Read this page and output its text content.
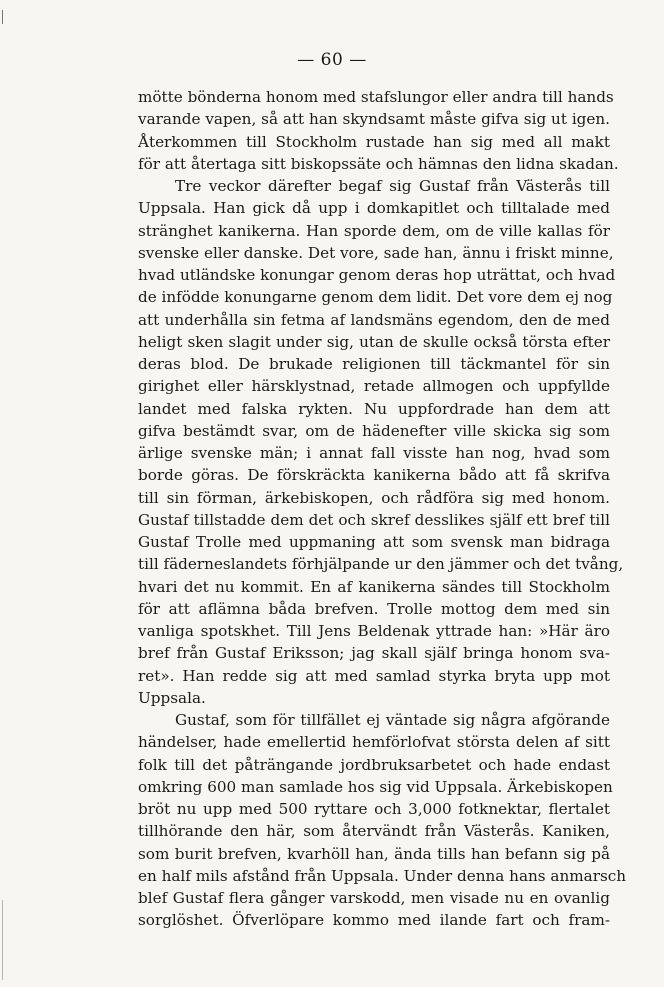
— 60 —
mötte bönderna honom med stafslungor eller andra till hands
varande vapen, så att han skyndsamt måste gifva sig ut igen.
Återkommen till Stockholm rustade han sig med all makt
för att återtaga sitt biskopssäte och hämnas den lidna skadan.
Tre veckor därefter begaf sig Gustaf från Västerås till
Uppsala. Han gick då upp i domkapitlet och tilltalade med
stränghet kanikerna. Han sporde dem, om de ville kallas för
svenske eller danske. Det vore, sade han, ännu i friskt minne,
hvad utländske konungar genom deras hop uträttat, och hvad
de infödde konungarne genom dem lidit. Det vore dem ej nog
att underhålla sin fetma af landsmäns egendom, den de med
heligt sken slagit under sig, utan de skulle också törsta efter
deras blod. De brukade religionen till täckmantel för sin
girighet eller härsklystnad, retade allmogen och uppfyllde
landet med falska rykten. Nu uppfordrade han dem att
gifva bestämdt svar, om de hädenefter ville skicka sig som
ärlige svenske män; i annat fall visste han nog, hvad som
borde göras. De förskräckta kanikerna bådo att få skrifva
till sin förman, ärkebiskopen, och rådföra sig med honom.
Gustaf tillstadde dem det och skref desslikes själf ett bref till
Gustaf Trolle med uppmaning att som svensk man bidraga
till fäderneslandets förhjälpande ur den jämmer och det tvång,
hvari det nu kommit. En af kanikerna sändes till Stockholm
för att aflämna båda brefven. Trolle mottog dem med sin
vanliga spotskhet. Till Jens Beldenak yttrade han: »Här äro
bref från Gustaf Eriksson; jag skall själf bringa honom sva-
ret». Han redde sig att med samlad styrka bryta upp mot
Uppsala.
Gustaf, som för tillfället ej väntade sig några afgörande
händelser, hade emellertid hemförlofvat största delen af sitt
folk till det påträngande jordbruksarbetet och hade endast
omkring 600 man samlade hos sig vid Uppsala. Ärkebiskopen
bröt nu upp med 500 ryttare och 3,000 fotknektar, flertalet
tillhörande den här, som återvändt från Västerås. Kaniken,
som burit brefven, kvarhöll han, ända tills han befann sig på
en half mils afstånd från Uppsala. Under denna hans anmarsch
blef Gustaf flera gånger varskodd, men visade nu en ovanlig
sorglöshet. Öfverlöpare kommo med ilande fart och fram-
